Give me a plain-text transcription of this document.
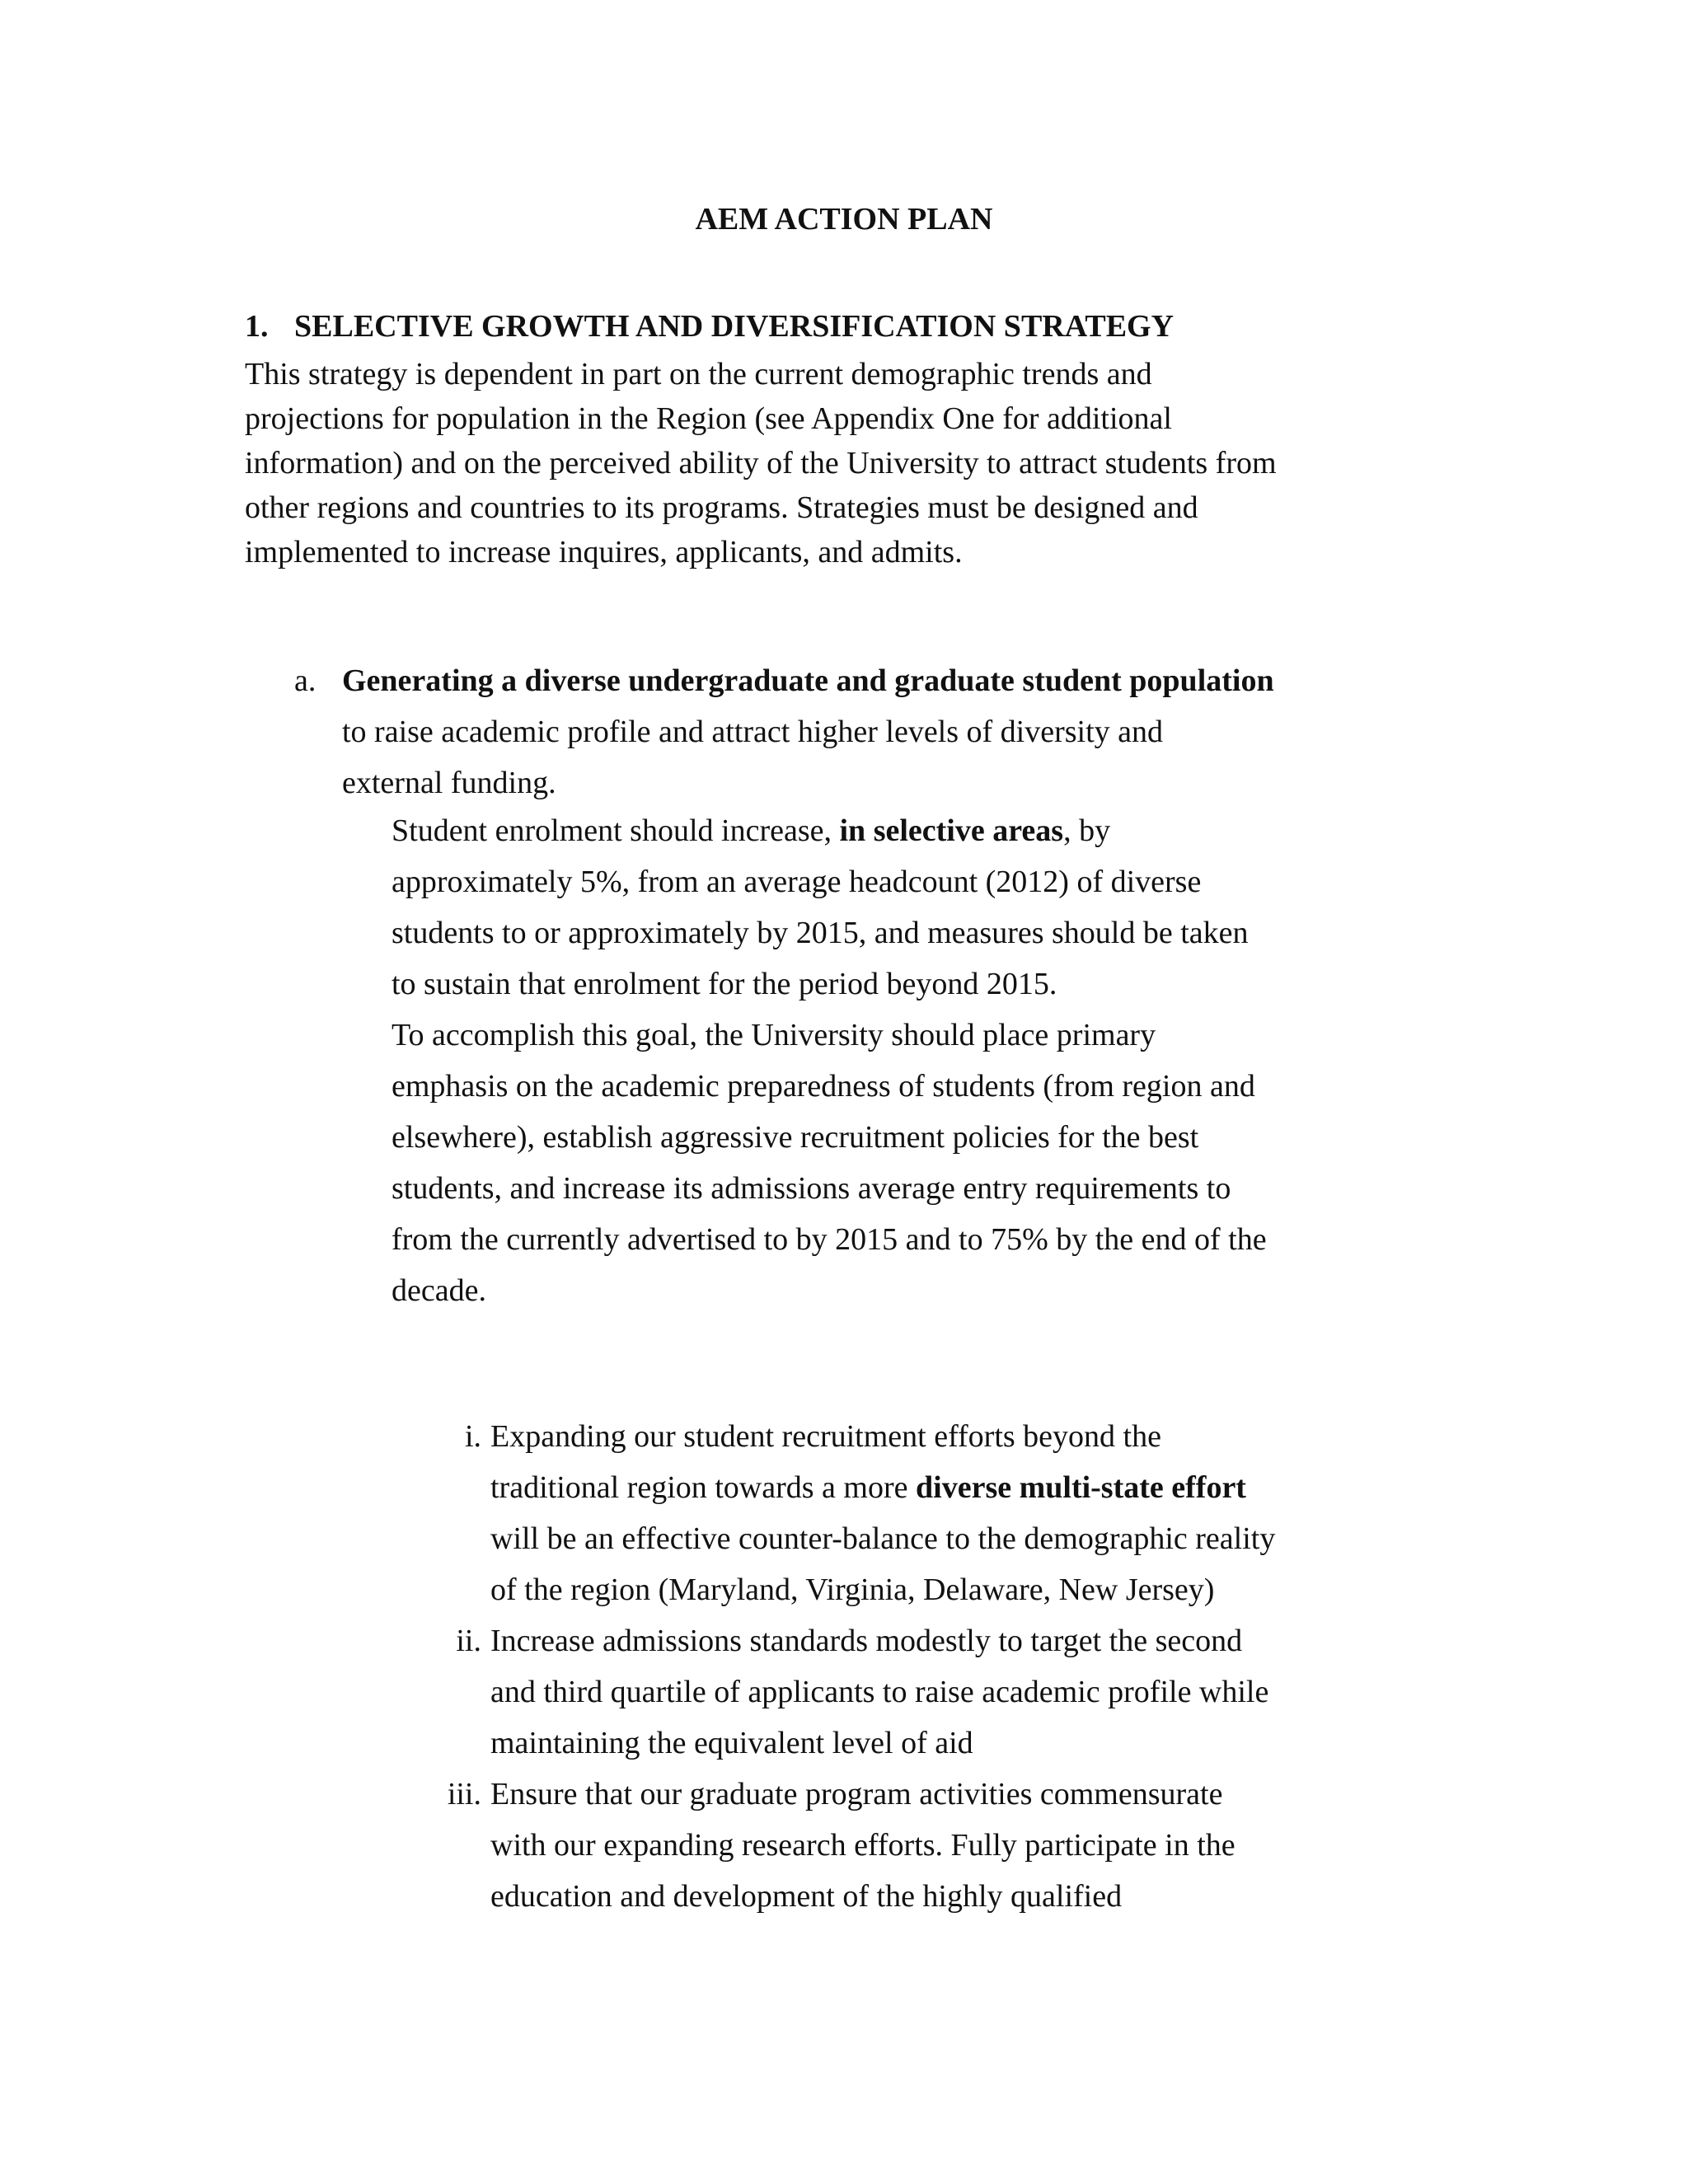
AEM ACTION PLAN
1. SELECTIVE GROWTH AND DIVERSIFICATION STRATEGY
This strategy is dependent in part on the current demographic trends and
projections for population in the Region (see Appendix One for additional
information) and on the perceived ability of the University to attract students from
other regions and countries to its programs. Strategies must be designed and
implemented to increase inquires, applicants, and admits.
a. Generating a diverse undergraduate and graduate student population
to raise academic profile and attract higher levels of diversity and
external funding.
Student enrolment should increase, in selective areas, by
approximately 5%, from an average headcount (2012) of diverse
students to or approximately by 2015, and measures should be taken
to sustain that enrolment for the period beyond 2015.
To accomplish this goal, the University should place primary
emphasis on the academic preparedness of students (from region and
elsewhere), establish aggressive recruitment policies for the best
students, and increase its admissions average entry requirements to
from the currently advertised to by 2015 and to 75% by the end of the
decade.
i. Expanding our student recruitment efforts beyond the
traditional region towards a more diverse multi-state effort
will be an effective counter-balance to the demographic reality
of the region (Maryland, Virginia, Delaware, New Jersey)
ii. Increase admissions standards modestly to target the second
and third quartile of applicants to raise academic profile while
maintaining the equivalent level of aid
iii. Ensure that our graduate program activities commensurate
with our expanding research efforts. Fully participate in the
education and development of the highly qualified
